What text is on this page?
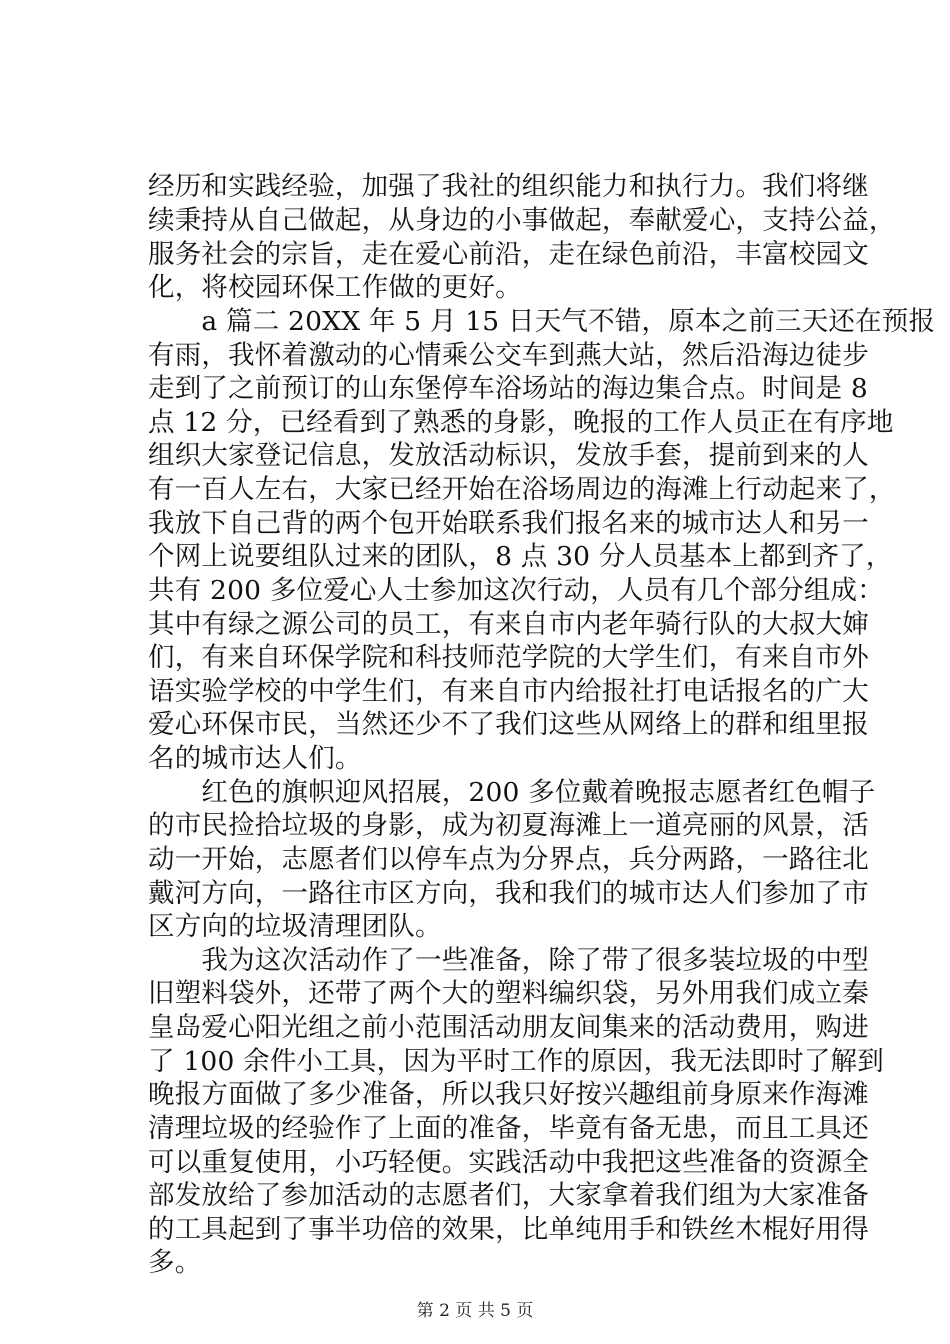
经历和实践经验，加强了我社的组织能力和执行力。我们将继
续秉持从自己做起，从身边的小事做起，奉献爱心，支持公益，
服务社会的宗旨，走在爱心前沿，走在绿色前沿，丰富校园文
化，将校园环保工作做的更好。
　　a 篇二 20XX 年 5 月 15 日天气不错，原本之前三天还在预报
有雨，我怀着激动的心情乘公交车到燕大站，然后沿海边徒步
走到了之前预订的山东堡停车浴场站的海边集合点。时间是 8
点 12 分，已经看到了熟悉的身影，晚报的工作人员正在有序地
组织大家登记信息，发放活动标识，发放手套，提前到来的人
有一百人左右，大家已经开始在浴场周边的海滩上行动起来了，
我放下自己背的两个包开始联系我们报名来的城市达人和另一
个网上说要组队过来的团队，8 点 30 分人员基本上都到齐了，
共有 200 多位爱心人士参加这次行动，人员有几个部分组成：
其中有绿之源公司的员工，有来自市内老年骑行队的大叔大婶
们，有来自环保学院和科技师范学院的大学生们，有来自市外
语实验学校的中学生们，有来自市内给报社打电话报名的广大
爱心环保市民，当然还少不了我们这些从网络上的群和组里报
名的城市达人们。
　　红色的旗帜迎风招展，200 多位戴着晚报志愿者红色帽子
的市民捡拾垃圾的身影，成为初夏海滩上一道亮丽的风景，活
动一开始，志愿者们以停车点为分界点，兵分两路，一路往北
戴河方向，一路往市区方向，我和我们的城市达人们参加了市
区方向的垃圾清理团队。
　　我为这次活动作了一些准备，除了带了很多装垃圾的中型
旧塑料袋外，还带了两个大的塑料编织袋，另外用我们成立秦
皇岛爱心阳光组之前小范围活动朋友间集来的活动费用，购进
了 100 余件小工具，因为平时工作的原因，我无法即时了解到
晚报方面做了多少准备，所以我只好按兴趣组前身原来作海滩
清理垃圾的经验作了上面的准备，毕竟有备无患，而且工具还
可以重复使用，小巧轻便。实践活动中我把这些准备的资源全
部发放给了参加活动的志愿者们，大家拿着我们组为大家准备
的工具起到了事半功倍的效果，比单纯用手和铁丝木棍好用得
多。
第 2 页 共 5 页
